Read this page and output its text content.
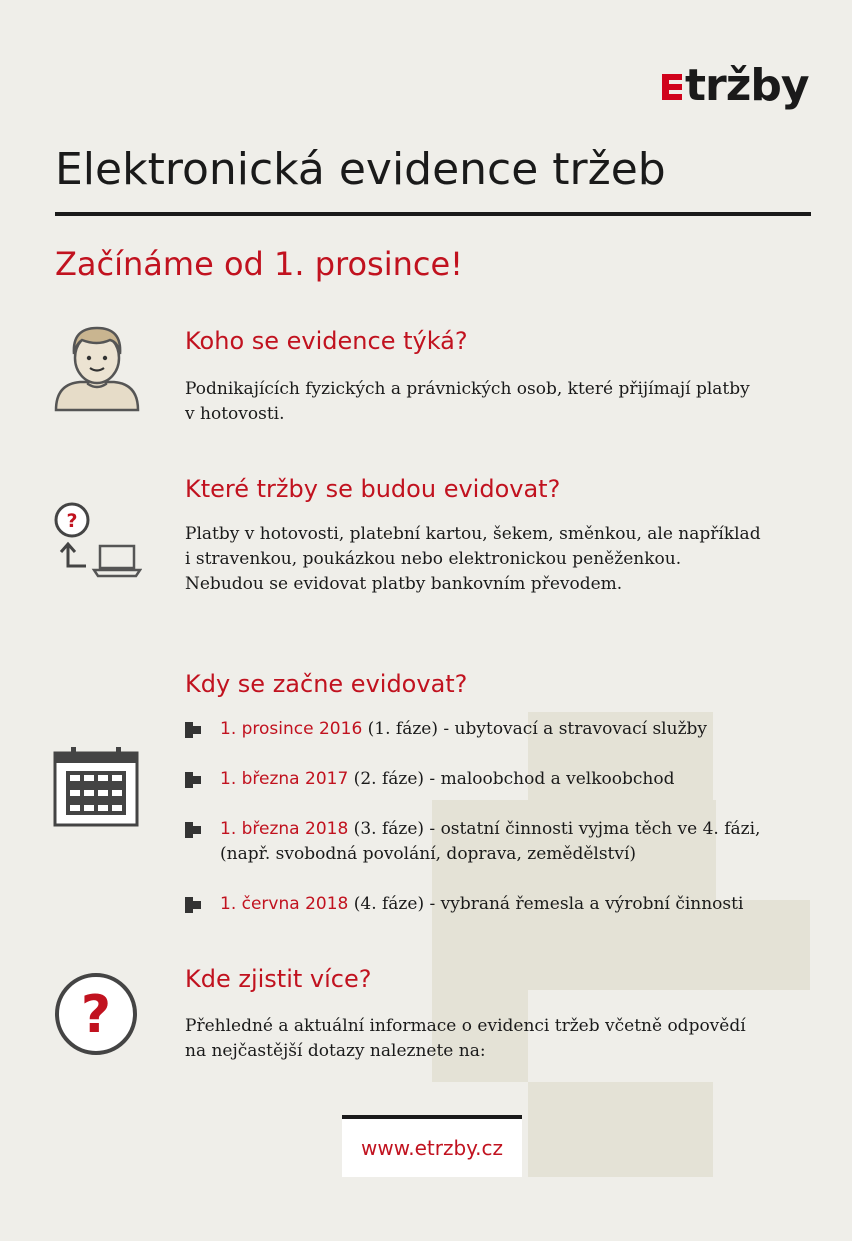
tržby
Elektronická evidence tržeb
Začínáme od 1. prosince!
Koho se evidence týká?
Podnikajících fyzických a právnických osob, které přijímají platby
v hotovosti.
?
Které tržby se budou evidovat?
Platby v hotovosti, platební kartou, šekem, směnkou, ale například
i stravenkou, poukázkou nebo elektronickou peněženkou.
Nebudou se evidovat platby bankovním převodem.
Kdy se začne evidovat?
1. prosince 2016 (1. fáze) - ubytovací a stravovací služby
1. března 2017 (2. fáze) - maloobchod a velkoobchod
1. března 2018 (3. fáze) - ostatní činnosti vyjma těch ve 4. fázi,
(např. svobodná povolání, doprava, zemědělství)
1. června 2018 (4. fáze) - vybraná řemesla a výrobní činnosti
?
Kde zjistit více?
Přehledné a aktuální informace o evidenci tržeb včetně odpovědí
na nejčastější dotazy naleznete na:
www.etrzby.cz
